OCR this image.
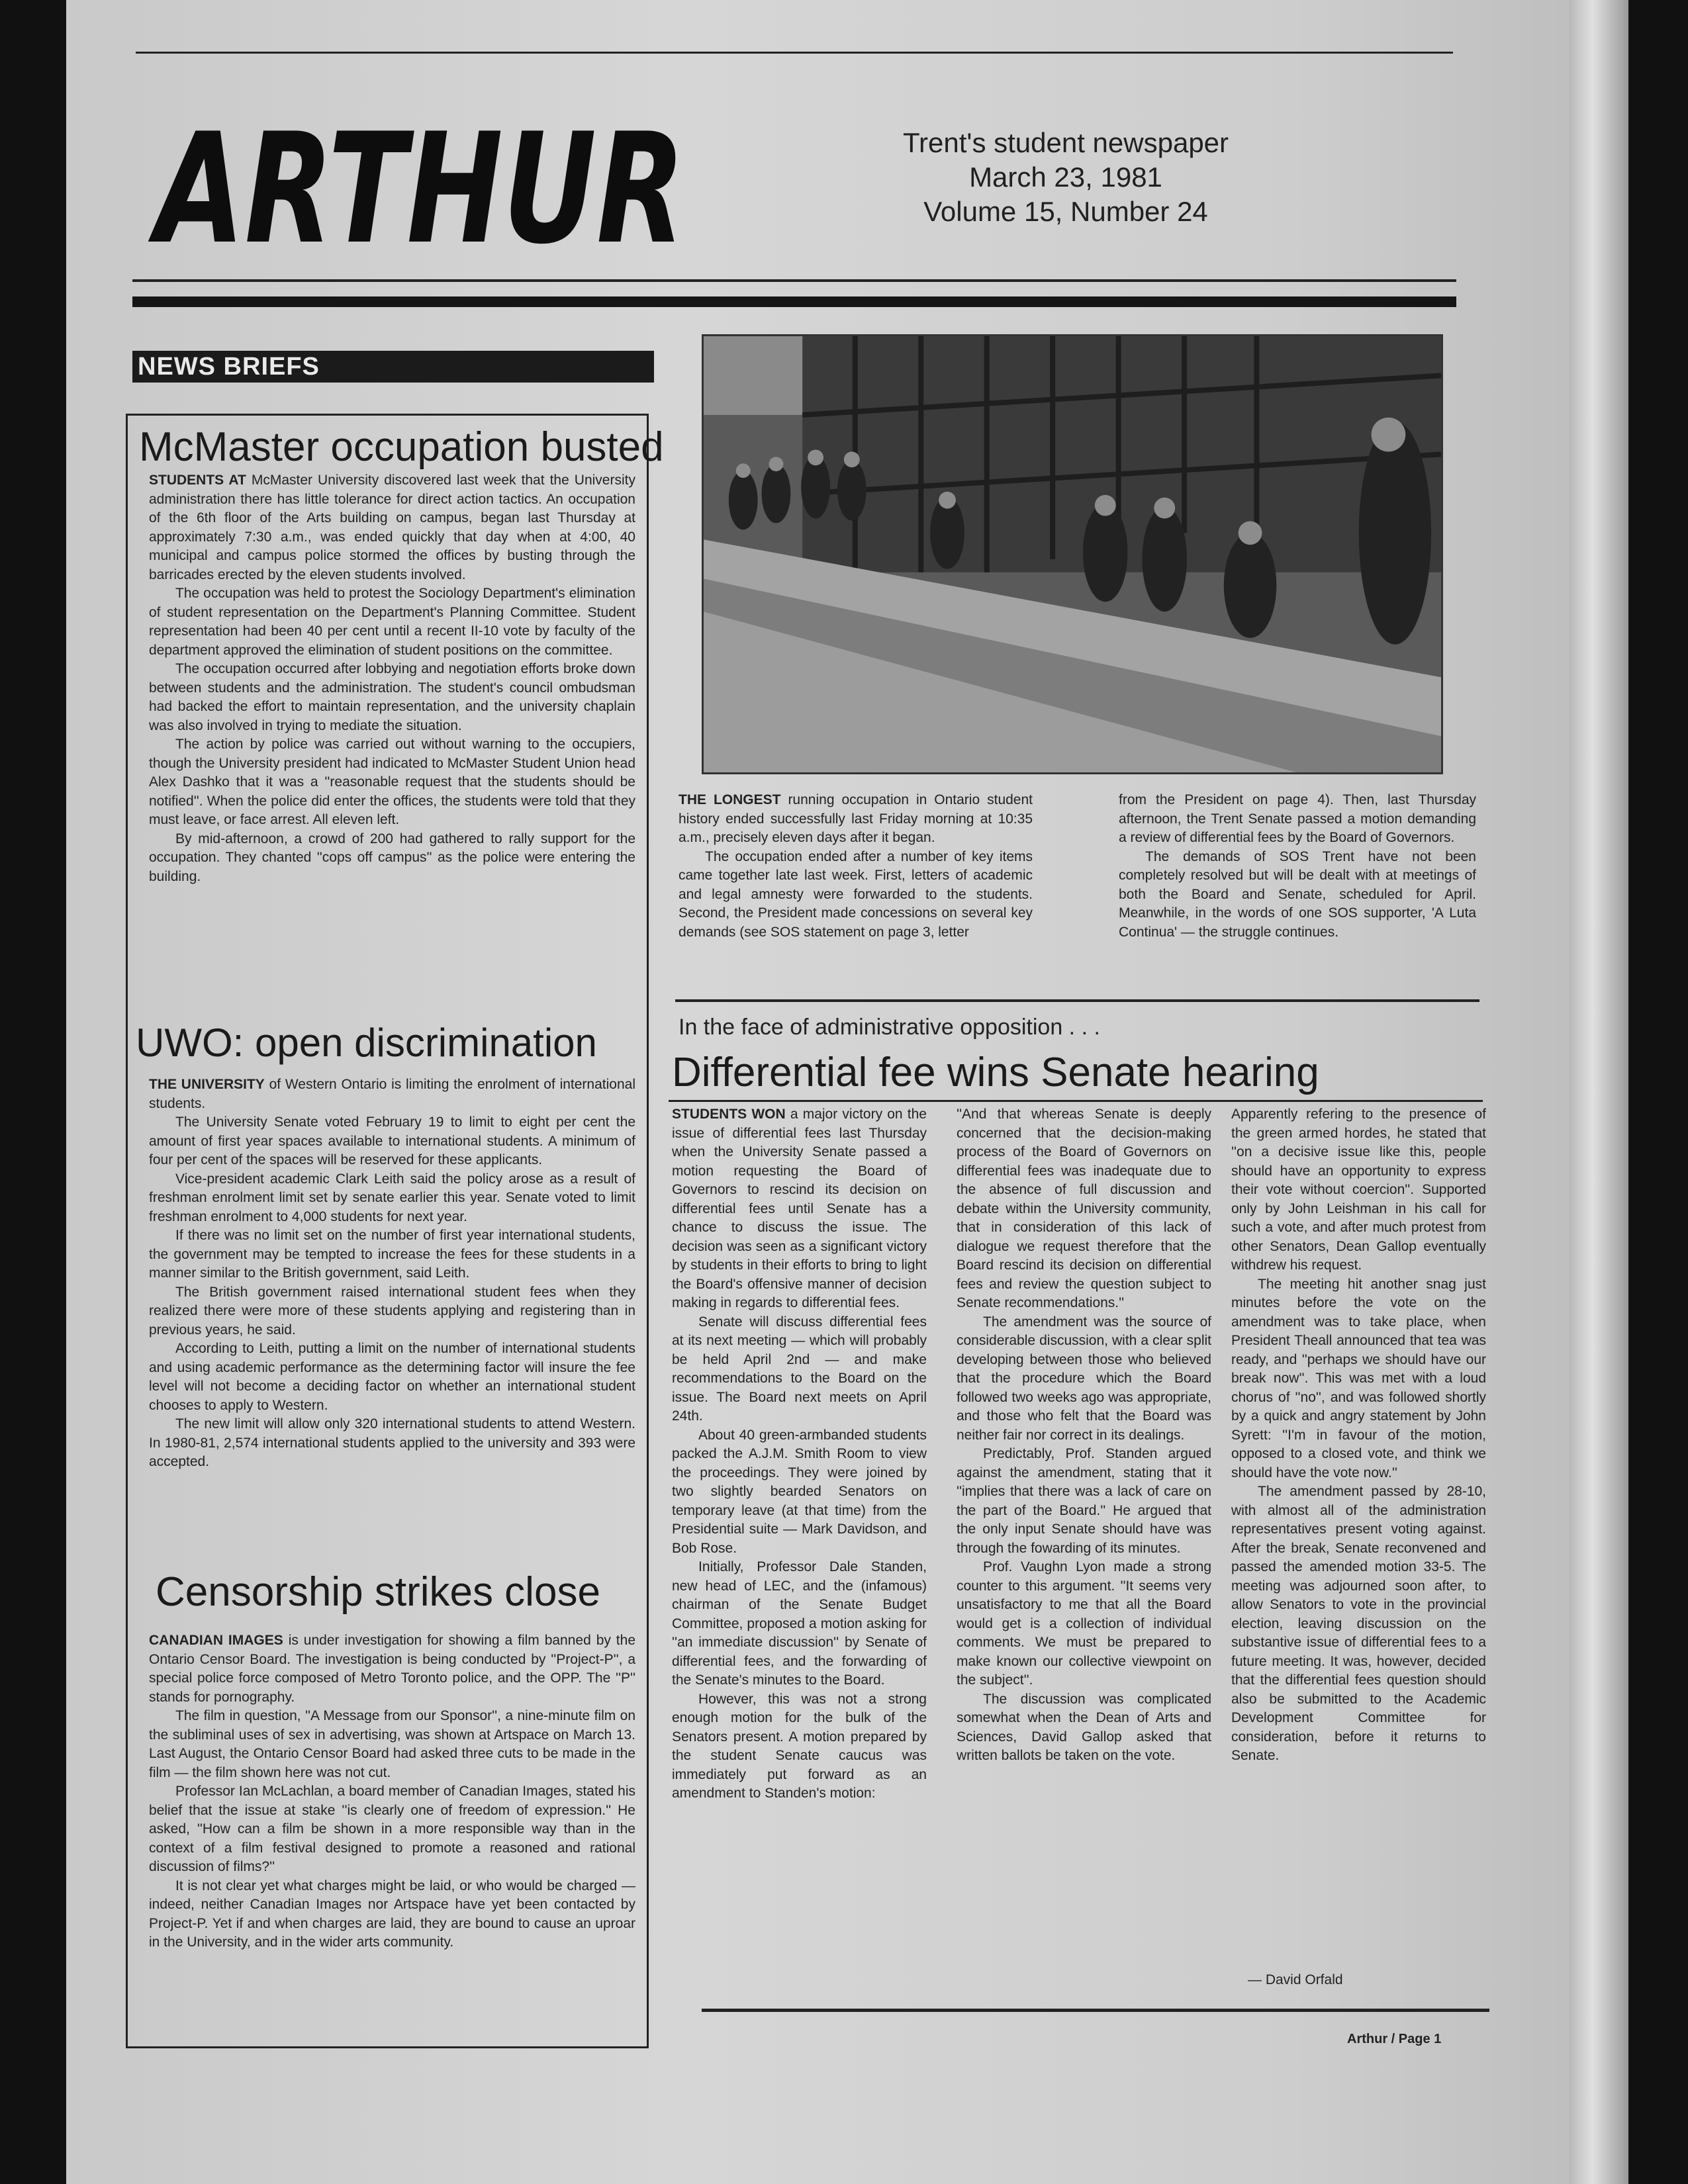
ARTHUR	Trent's student newspaper
March 23, 1981
Volume 15, Number 24
NEWS BRIEFS
McMaster occupation busted

STUDENTS AT McMaster University discovered last week that the University administration there has little tolerance for direct action tactics. An occupation of the 6th floor of the Arts building on campus, began last Thursday at approximately 7:30 a.m., was ended quickly that day when at 4:00, 40 municipal and campus police stormed the offices by busting through the barricades erected by the eleven students involved.

The occupation was held to protest the Sociology Department's elimination of student representation on the Department's Planning Committee. Student representation had been 40 per cent until a recent II-10 vote by faculty of the department approved the elimination of student positions on the committee.

The occupation occurred after lobbying and negotiation efforts broke down between students and the administration. The student's council ombudsman had backed the effort to maintain representation, and the university chaplain was also involved in trying to mediate the situation.

The action by police was carried out without warning to the occupiers, though the University president had indicated to McMaster Student Union head Alex Dashko that it was a ''reasonable request that the students should be notified''. When the police did enter the offices, the students were told that they must leave, or face arrest. All eleven left.

By mid-afternoon, a crowd of 200 had gathered to rally support for the occupation. They chanted ''cops off campus'' as the police were entering the building.

UWO: open discrimination

THE UNIVERSITY of Western Ontario is limiting the enrolment of international students.

The University Senate voted February 19 to limit to eight per cent the amount of first year spaces available to international students. A minimum of four per cent of the spaces will be reserved for these applicants.

Vice-president academic Clark Leith said the policy arose as a result of freshman enrolment limit set by senate earlier this year. Senate voted to limit freshman enrolment to 4,000 students for next year.

If there was no limit set on the number of first year international students, the government may be tempted to increase the fees for these students in a manner similar to the British government, said Leith.

The British government raised international student fees when they realized there were more of these students applying and registering than in previous years, he said.

According to Leith, putting a limit on the number of international students and using academic performance as the determining factor will insure the fee level will not become a deciding factor on whether an international student chooses to apply to Western.

The new limit will allow only 320 international students to attend Western. In 1980-81, 2,574 international students applied to the university and 393 were accepted.

Censorship strikes close

CANADIAN IMAGES is under investigation for showing a film banned by the Ontario Censor Board. The investigation is being conducted by ''Project-P'', a special police force composed of Metro Toronto police, and the OPP. The ''P'' stands for pornography.

The film in question, ''A Message from our Sponsor'', a nine-minute film on the subliminal uses of sex in advertising, was shown at Artspace on March 13. Last August, the Ontario Censor Board had asked three cuts to be made in the film — the film shown here was not cut.

Professor Ian McLachlan, a board member of Canadian Images, stated his belief that the issue at stake ''is clearly one of freedom of expression.'' He asked, ''How can a film be shown in a more responsible way than in the context of a film festival designed to promote a reasoned and rational discussion of films?''

It is not clear yet what charges might be laid, or who would be charged — indeed, neither Canadian Images nor Artspace have yet been contacted by Project-P. Yet if and when charges are laid, they are bound to cause an uproar in the University, and in the wider arts community.

THE LONGEST running occupation in Ontario student history ended successfully last Friday morning at 10:35 a.m., precisely eleven days after it began.

The occupation ended after a number of key items came together late last week. First, letters of academic and legal amnesty were forwarded to the students. Second, the President made concessions on several key demands (see SOS statement on page 3, letter

from the President on page 4). Then, last Thursday afternoon, the Trent Senate passed a motion demanding a review of differential fees by the Board of Governors.

The demands of SOS Trent have not been completely resolved but will be dealt with at meetings of both the Board and Senate, scheduled for April. Meanwhile, in the words of one SOS supporter, 'A Luta Continua' — the struggle continues.

In the face of administrative opposition . . .
Differential fee wins Senate hearing

STUDENTS WON a major victory on the issue of differential fees last Thursday when the University Senate passed a motion requesting the Board of Governors to rescind its decision on differential fees until Senate has a chance to discuss the issue. The decision was seen as a significant victory by students in their efforts to bring to light the Board's offensive manner of decision making in regards to differential fees.

Senate will discuss differential fees at its next meeting — which will probably be held April 2nd — and make recommendations to the Board on the issue. The Board next meets on April 24th.

About 40 green-armbanded students packed the A.J.M. Smith Room to view the proceedings. They were joined by two slightly bearded Senators on temporary leave (at that time) from the Presidential suite — Mark Davidson, and Bob Rose.

Initially, Professor Dale Standen, new head of LEC, and the (infamous) chairman of the Senate Budget Committee, proposed a motion asking for ''an immediate discussion'' by Senate of differential fees, and the forwarding of the Senate's minutes to the Board.

However, this was not a strong enough motion for the bulk of the Senators present. A motion prepared by the student Senate caucus was immediately put forward as an amendment to Standen's motion:

''And that whereas Senate is deeply concerned that the decision-making process of the Board of Governors on differential fees was inadequate due to the absence of full discussion and debate within the University community, that in consideration of this lack of dialogue we request therefore that the Board rescind its decision on differential fees and review the question subject to Senate recommendations.''

The amendment was the source of considerable discussion, with a clear split developing between those who believed that the procedure which the Board followed two weeks ago was appropriate, and those who felt that the Board was neither fair nor correct in its dealings.

Predictably, Prof. Standen argued against the amendment, stating that it ''implies that there was a lack of care on the part of the Board.'' He argued that the only input Senate should have was through the fowarding of its minutes.

Prof. Vaughn Lyon made a strong counter to this argument. ''It seems very unsatisfactory to me that all the Board would get is a collection of individual comments. We must be prepared to make known our collective viewpoint on the subject''.

The discussion was complicated somewhat when the Dean of Arts and Sciences, David Gallop asked that written ballots be taken on the vote.

Apparently refering to the presence of the green armed hordes, he stated that ''on a decisive issue like this, people should have an opportunity to express their vote without coercion''. Supported only by John Leishman in his call for such a vote, and after much protest from other Senators, Dean Gallop eventually withdrew his request.

The meeting hit another snag just minutes before the vote on the amendment was to take place, when President Theall announced that tea was ready, and ''perhaps we should have our break now''. This was met with a loud chorus of ''no'', and was followed shortly by a quick and angry statement by John Syrett: ''I'm in favour of the motion, opposed to a closed vote, and think we should have the vote now.''

The amendment passed by 28-10, with almost all of the administration representatives present voting against. After the break, Senate reconvened and passed the amended motion 33-5. The meeting was adjourned soon after, to allow Senators to vote in the provincial election, leaving discussion on the substantive issue of differential fees to a future meeting. It was, however, decided that the differential fees question should also be submitted to the Academic Development Committee for consideration, before it returns to Senate.

— David Orfald
Arthur / Page 1
